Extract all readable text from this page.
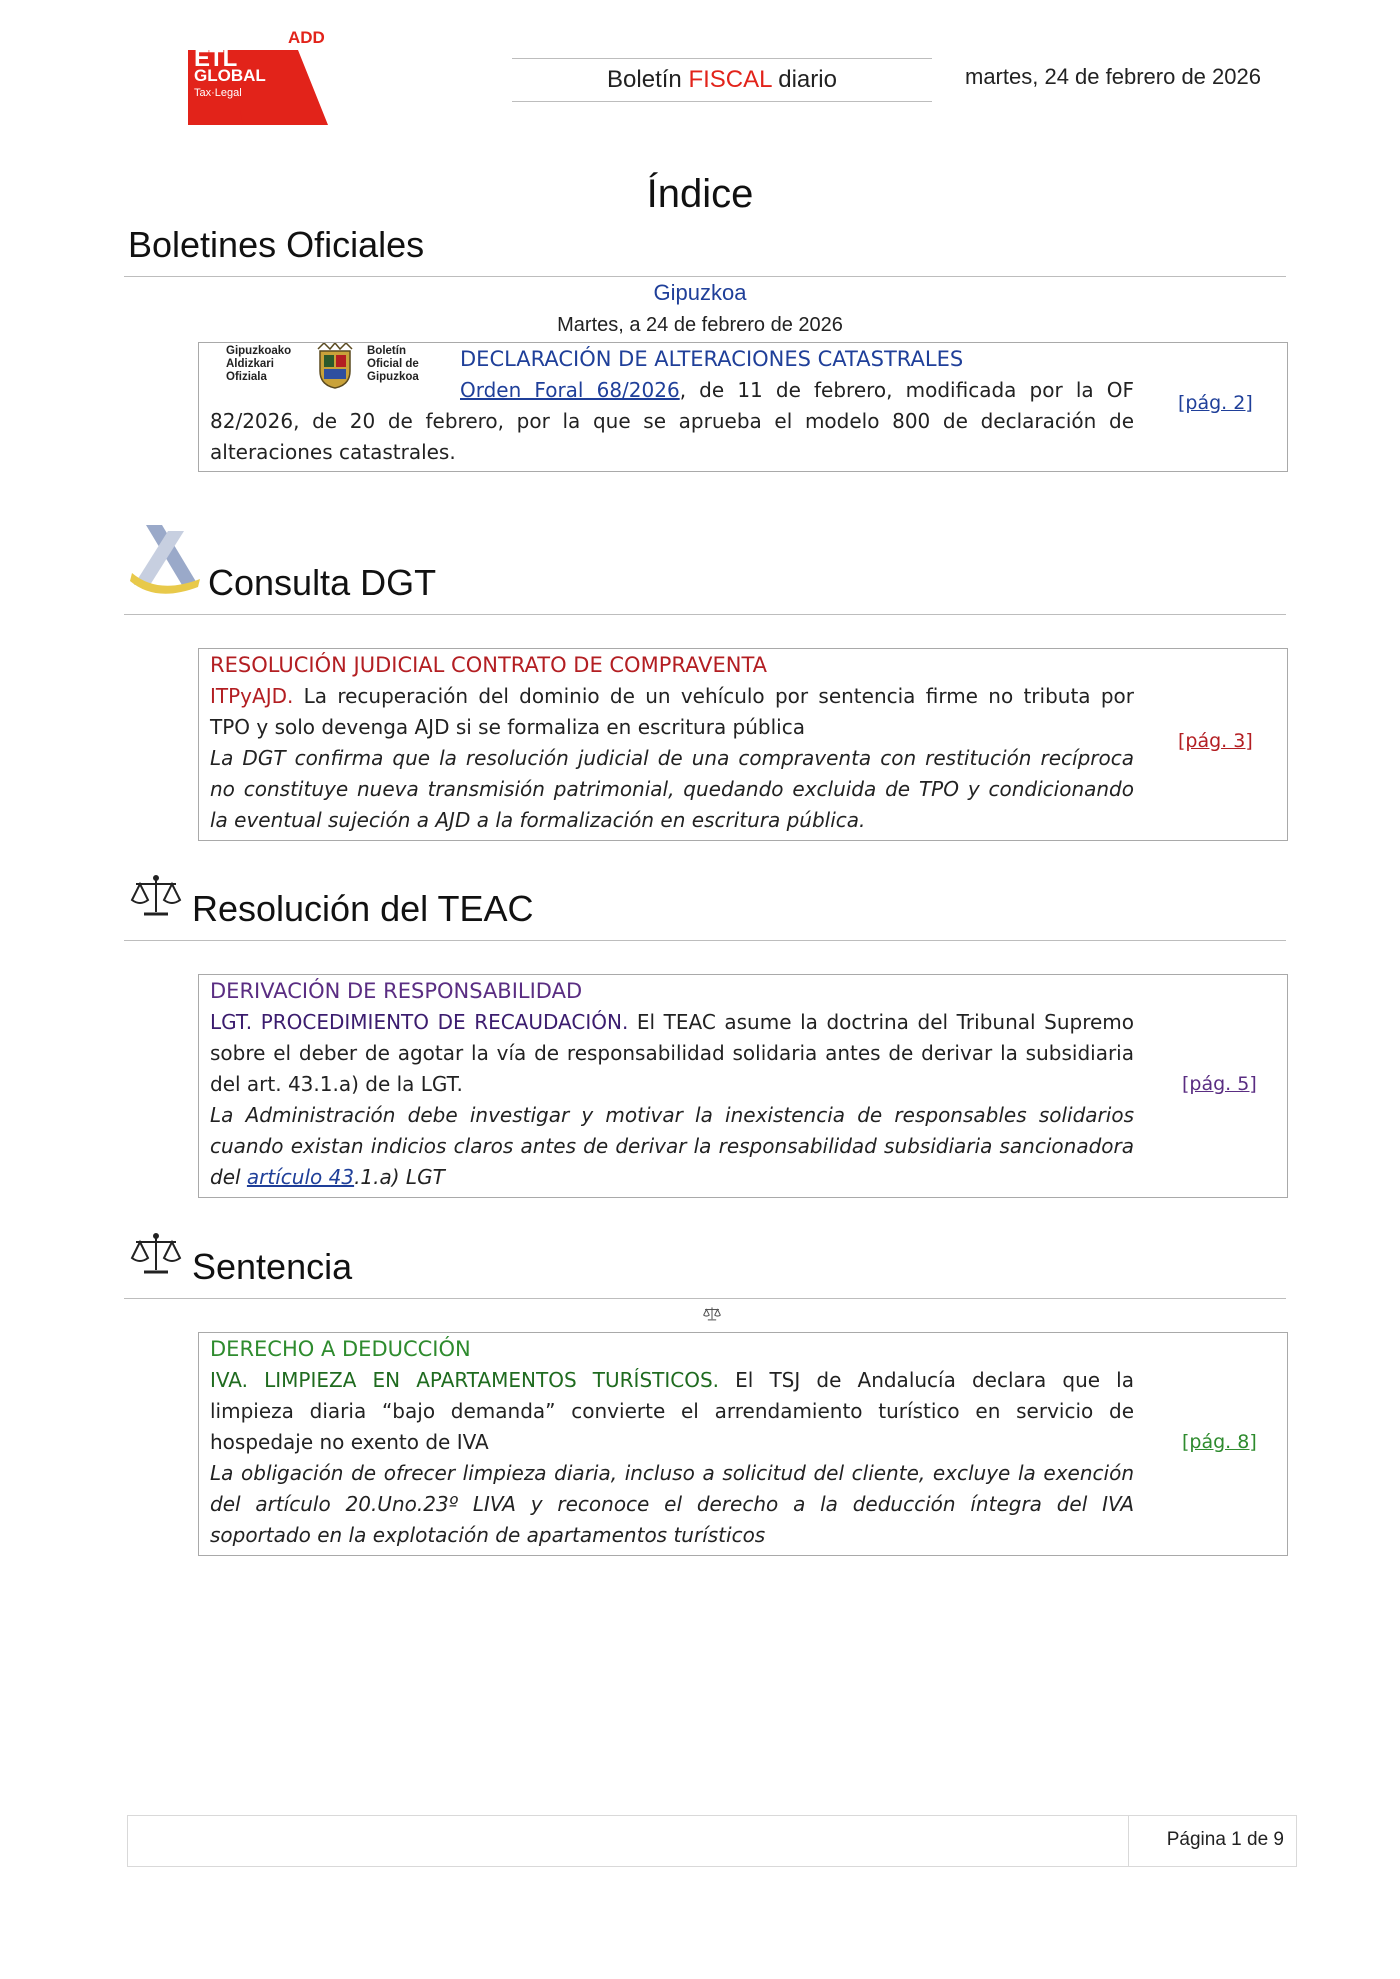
ADD
ETL
GLOBAL
Tax·Legal	Boletín FISCAL diario	martes, 24 de febrero de 2026
Índice
Boletines Oficiales
Gipuzkoa
Martes, a 24 de febrero de 2026
Gipuzkoako
Aldizkari
Ofiziala
Boletín
Oficial de
Gipuzkoa
DECLARACIÓN DE ALTERACIONES CATASTRALES
Orden Foral 68/2026, de 11 de febrero, modificada por la OF
82/2026, de 20 de febrero, por la que se aprueba el modelo 800 de declaración de
alteraciones catastrales.
[pág. 2]
Consulta DGT
RESOLUCIÓN JUDICIAL CONTRATO DE COMPRAVENTA
ITPyAJD. La recuperación del dominio de un vehículo por sentencia firme no tributa por
TPO y solo devenga AJD si se formaliza en escritura pública
La DGT confirma que la resolución judicial de una compraventa con restitución recíproca
no constituye nueva transmisión patrimonial, quedando excluida de TPO y condicionando
la eventual sujeción a AJD a la formalización en escritura pública.
[pág. 3]
Resolución del TEAC
DERIVACIÓN DE RESPONSABILIDAD
LGT. PROCEDIMIENTO DE RECAUDACIÓN. El TEAC asume la doctrina del Tribunal Supremo
sobre el deber de agotar la vía de responsabilidad solidaria antes de derivar la subsidiaria
del art. 43.1.a) de la LGT.
La Administración debe investigar y motivar la inexistencia de responsables solidarios
cuando existan indicios claros antes de derivar la responsabilidad subsidiaria sancionadora
del artículo 43.1.a) LGT
[pág. 5]
Sentencia
DERECHO A DEDUCCIÓN
IVA. LIMPIEZA EN APARTAMENTOS TURÍSTICOS. El TSJ de Andalucía declara que la
limpieza diaria “bajo demanda” convierte el arrendamiento turístico en servicio de
hospedaje no exento de IVA
La obligación de ofrecer limpieza diaria, incluso a solicitud del cliente, excluye la exención
del artículo 20.Uno.23º LIVA y reconoce el derecho a la deducción íntegra del IVA
soportado en la explotación de apartamentos turísticos
[pág. 8]
Página 1 de 9
